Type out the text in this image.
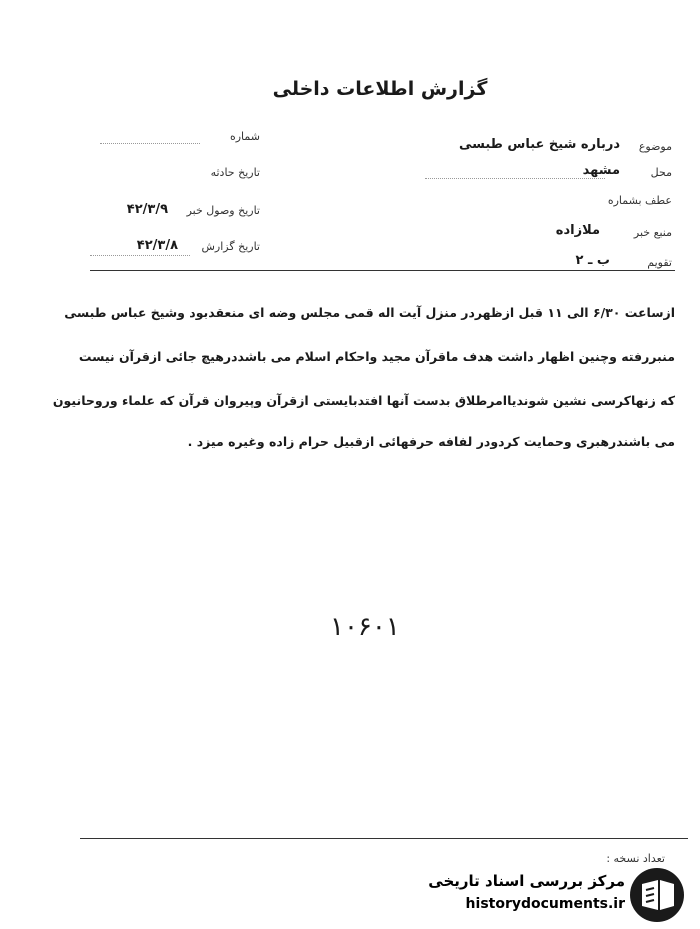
گزارش اطلاعات داخلی
شماره
تاریخ حادثه
تاریخ وصول خبر
۴۲/۳/۹
تاریخ گزارش
۴۲/۳/۸
موضوع
درباره شیخ عباس طبسی
محل
مشهد
عطف بشماره
منبع خبر
ملازاده
تقویم
ب ـ ۲
ازساعت ۶/۳۰ الی ۱۱ قبل ازظهردر منزل آیت اله قمی مجلس وضه ای منعقدبود وشیخ عباس طبسی
منبررفته وچنین اظهار داشت هدف ماقرآن مجید واحکام اسلام می باشددرهیچ جائی ازقرآن نیست
که زنهاکرسی نشین شوندیاامرطلاق بدست آنها افتدبایستی ازقرآن وپیروان قرآن که علماء وروحانیون
می باشندرهبری وحمایت کردودر لفافه حرفهائی ازقبیل حرام زاده وغیره میزد .
۱۰۶۰۱
تعداد نسخه :
مرکز بررسی اسناد تاریخی
historydocuments.ir
